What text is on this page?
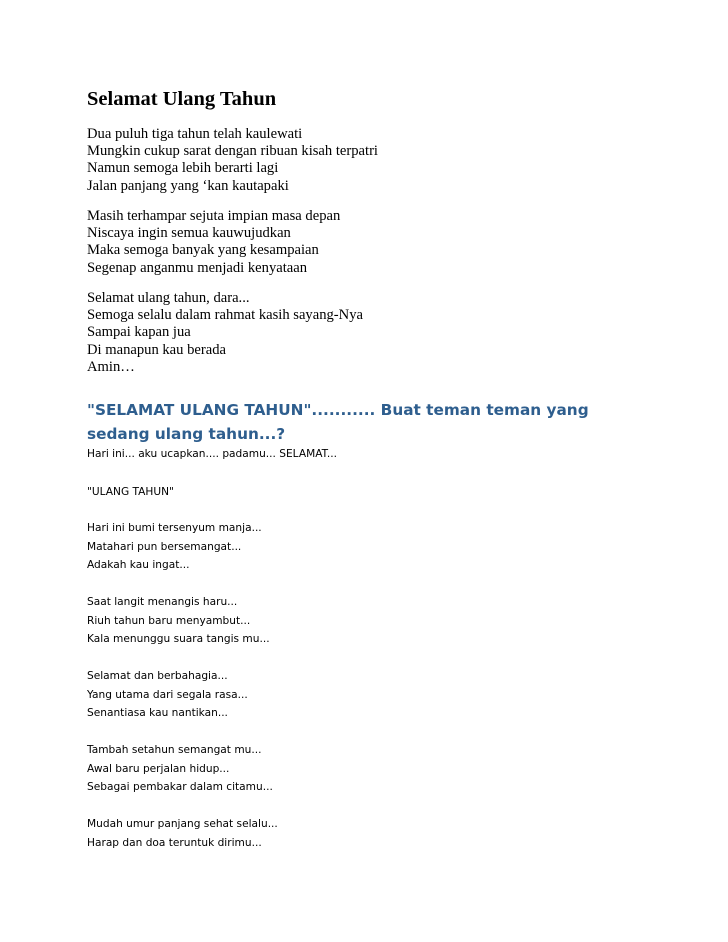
Selamat Ulang Tahun
Dua puluh tiga tahun telah kaulewati
Mungkin cukup sarat dengan ribuan kisah terpatri
Namun semoga lebih berarti lagi
Jalan panjang yang ‘kan kautapaki
Masih terhampar sejuta impian masa depan
Niscaya ingin semua kauwujudkan
Maka semoga banyak yang kesampaian
Segenap anganmu menjadi kenyataan
Selamat ulang tahun, dara...
Semoga selalu dalam rahmat kasih sayang-Nya
Sampai kapan jua
Di manapun kau berada
Amin…
"SELAMAT ULANG TAHUN"........... Buat teman teman yang sedang ulang tahun...?
Hari ini... aku ucapkan.... padamu... SELAMAT...
"ULANG TAHUN"
Hari ini bumi tersenyum manja...
Matahari pun bersemangat...
Adakah kau ingat...
Saat langit menangis haru...
Riuh tahun baru menyambut...
Kala menunggu suara tangis mu...
Selamat dan berbahagia...
Yang utama dari segala rasa...
Senantiasa kau nantikan...
Tambah setahun semangat mu...
Awal baru perjalan hidup...
Sebagai pembakar dalam citamu...
Mudah umur panjang sehat selalu...
Harap dan doa teruntuk dirimu...
